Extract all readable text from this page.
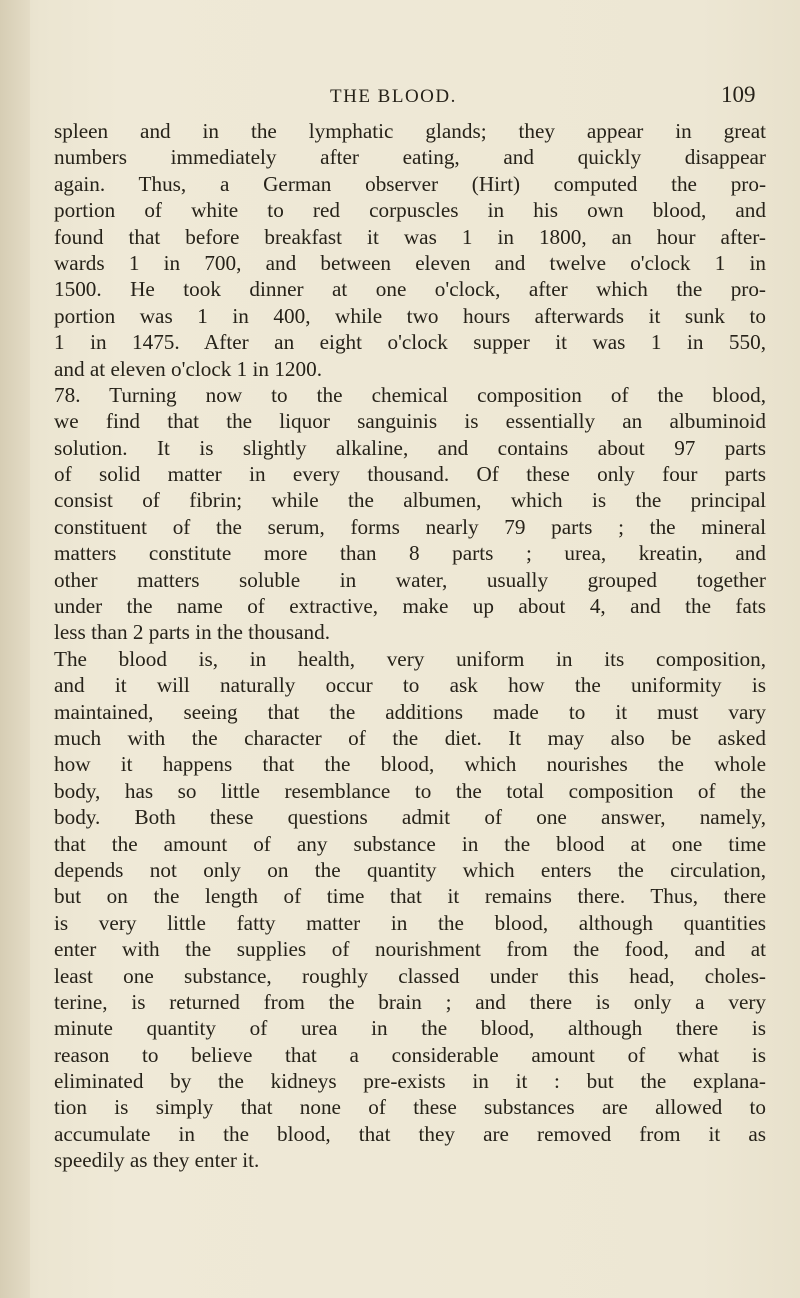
THE BLOOD.	109
spleen and in the lymphatic glands; they appear in great
numbers immediately after eating, and quickly disappear
again. Thus, a German observer (Hirt) computed the pro-
portion of white to red corpuscles in his own blood, and
found that before breakfast it was 1 in 1800, an hour after-
wards 1 in 700, and between eleven and twelve o'clock 1 in
1500. He took dinner at one o'clock, after which the pro-
portion was 1 in 400, while two hours afterwards it sunk to
1 in 1475. After an eight o'clock supper it was 1 in 550,
and at eleven o'clock 1 in 1200.
78. Turning now to the chemical composition of the blood,
we find that the liquor sanguinis is essentially an albuminoid
solution. It is slightly alkaline, and contains about 97 parts
of solid matter in every thousand. Of these only four parts
consist of fibrin; while the albumen, which is the principal
constituent of the serum, forms nearly 79 parts ; the mineral
matters constitute more than 8 parts ; urea, kreatin, and
other matters soluble in water, usually grouped together
under the name of extractive, make up about 4, and the fats
less than 2 parts in the thousand.
The blood is, in health, very uniform in its composition,
and it will naturally occur to ask how the uniformity is
maintained, seeing that the additions made to it must vary
much with the character of the diet. It may also be asked
how it happens that the blood, which nourishes the whole
body, has so little resemblance to the total composition of the
body. Both these questions admit of one answer, namely,
that the amount of any substance in the blood at one time
depends not only on the quantity which enters the circulation,
but on the length of time that it remains there. Thus, there
is very little fatty matter in the blood, although quantities
enter with the supplies of nourishment from the food, and at
least one substance, roughly classed under this head, choles-
terine, is returned from the brain ; and there is only a very
minute quantity of urea in the blood, although there is
reason to believe that a considerable amount of what is
eliminated by the kidneys pre-exists in it : but the explana-
tion is simply that none of these substances are allowed to
accumulate in the blood, that they are removed from it as
speedily as they enter it.
